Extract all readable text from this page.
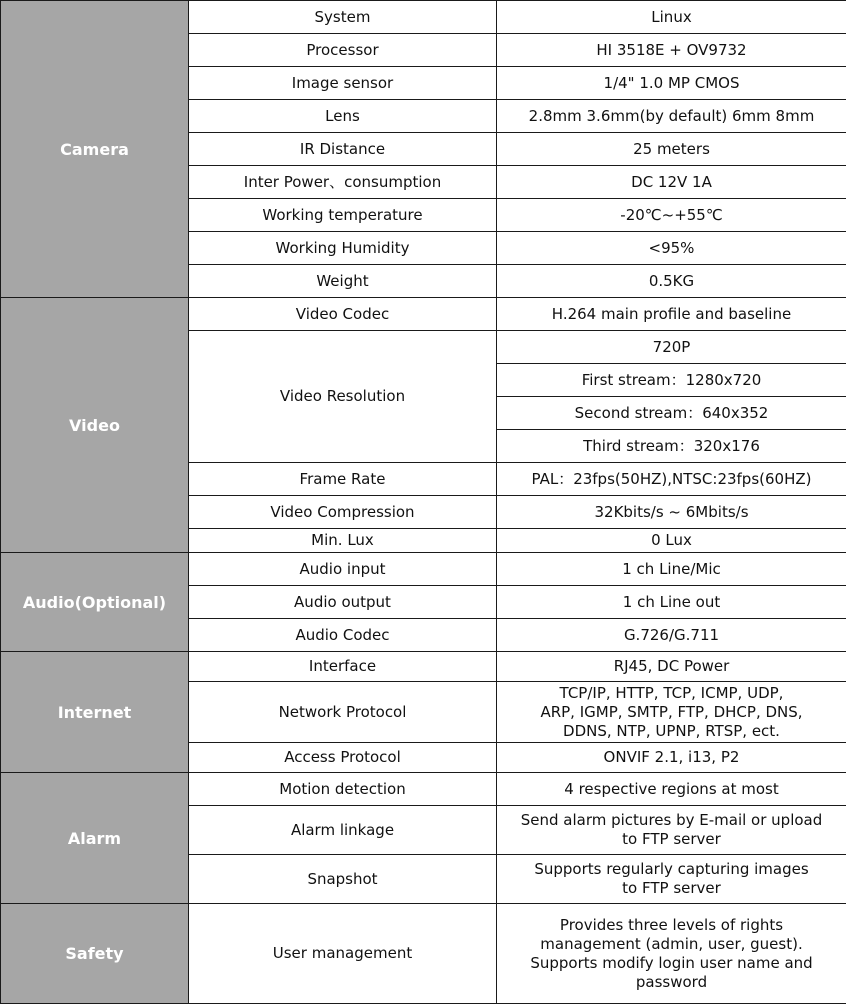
Camera	System	Linux
	Processor	HI 3518E + OV9732
	Image sensor	1/4" 1.0 MP CMOS
	Lens	2.8mm 3.6mm(by default) 6mm 8mm
	IR Distance	25 meters
	Inter Power、consumption	DC 12V 1A
	Working temperature	-20℃~+55℃
	Working Humidity	<95%
	Weight	0.5KG
Video	Video Codec	H.264 main profile and baseline
	Video Resolution	720P
		First stream：1280x720
		Second stream：640x352
		Third stream：320x176
	Frame Rate	PAL：23fps(50HZ),NTSC:23fps(60HZ)
	Video Compression	32Kbits/s ~ 6Mbits/s
	Min. Lux	0 Lux
Audio(Optional)	Audio input	1 ch Line/Mic
	Audio output	1 ch Line out
	Audio Codec	G.726/G.711
Internet	Interface	RJ45, DC Power
	Network Protocol	TCP/IP, HTTP, TCP, ICMP, UDP,
ARP, IGMP, SMTP, FTP, DHCP, DNS,
DDNS, NTP, UPNP, RTSP, ect.

	Access Protocol	ONVIF 2.1, i13, P2
Alarm	Motion detection	4 respective regions at most
	Alarm linkage	Send alarm pictures by E-mail or upload
to FTP server

	Snapshot	Supports regularly capturing images
to FTP server

Safety	User management	Provides three levels of rights
management (admin, user, guest).
Supports modify login user name and
password
